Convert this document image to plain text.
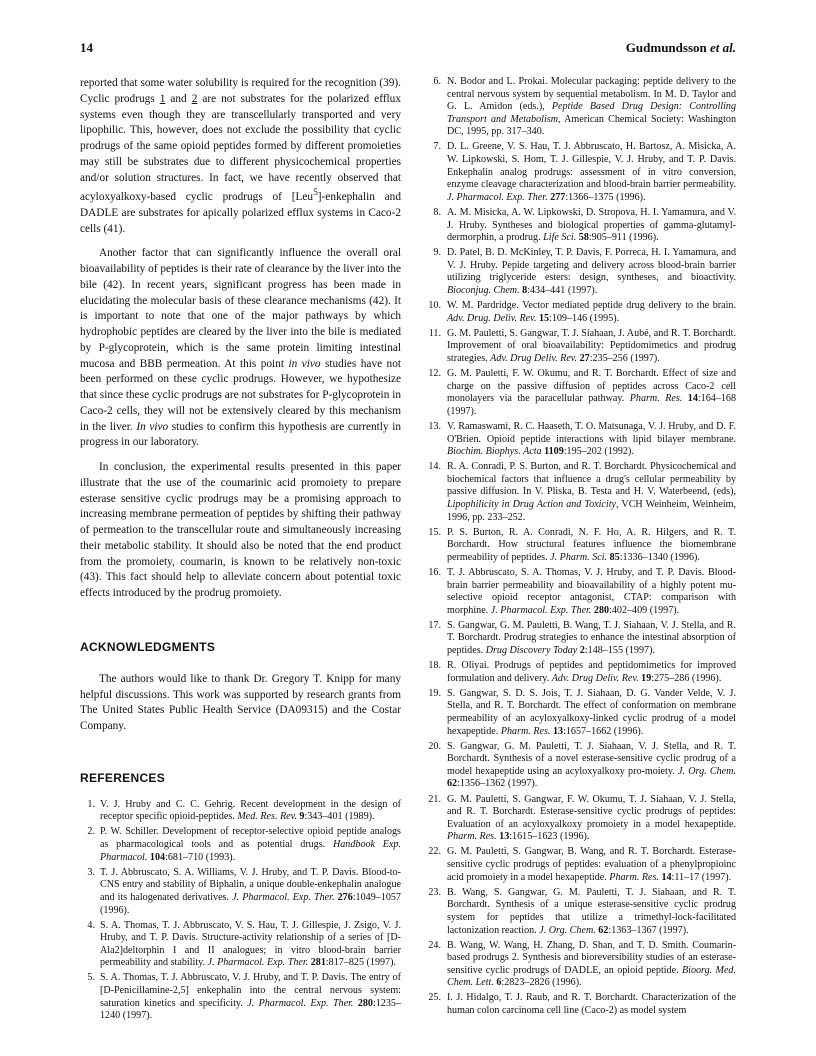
14	Gudmundsson et al.

reported that some water solubility is required for the recognition (39). Cyclic prodrugs 1 and 2 are not substrates for the polarized efflux systems even though they are transcellularly transported and very lipophilic. This, however, does not exclude the possibility that cyclic prodrugs of the same opioid peptides formed by different promoieties may still be substrates due to different physicochemical properties and/or solution structures. In fact, we have recently observed that acyloxyalkoxy-based cyclic prodrugs of [Leu$^5$]-enkephalin and DADLE are substrates for apically polarized efflux systems in Caco-2 cells (41).

Another factor that can significantly influence the overall oral bioavailability of peptides is their rate of clearance by the liver into the bile (42). In recent years, significant progress has been made in elucidating the molecular basis of these clearance mechanisms (42). It is important to note that one of the major pathways by which hydrophobic peptides are cleared by the liver into the bile is mediated by P-glycoprotein, which is the same protein limiting intestinal mucosa and BBB permeation. At this point in vivo studies have not been performed on these cyclic prodrugs. However, we hypothesize that since these cyclic prodrugs are not substrates for P-glycoprotein in Caco-2 cells, they will not be extensively cleared by this mechanism in the liver. In vivo studies to confirm this hypothesis are currently in progress in our laboratory.

In conclusion, the experimental results presented in this paper illustrate that the use of the coumarinic acid promoiety to prepare esterase sensitive cyclic prodrugs may be a promising approach to increasing membrane permeation of peptides by shifting their pathway of permeation to the transcellular route and simultaneously increasing their metabolic stability. It should also be noted that the end product from the promoiety, coumarin, is known to be relatively non-toxic (43). This fact should help to alleviate concern about potential toxic effects introduced by the prodrug promoiety.

ACKNOWLEDGMENTS

The authors would like to thank Dr. Gregory T. Knipp for many helpful discussions. This work was supported by research grants from The United States Public Health Service (DA09315) and the Costar Company.

REFERENCES
1. V. J. Hruby and C. C. Gehrig. Recent development in the design of receptor specific opioid-peptides. Med. Res. Rev. 9:343–401 (1989).
2. P. W. Schiller. Development of receptor-selective opioid peptide analogs as pharmacological tools and as potential drugs. Handbook Exp. Pharmacol. 104:681–710 (1993).
3. T. J. Abbruscato, S. A. Williams, V. J. Hruby, and T. P. Davis. Blood-to-CNS entry and stability of Biphalin, a unique double-enkephalin analogue and its halogenated derivatives. J. Pharmacol. Exp. Ther. 276:1049–1057 (1996).
4. S. A. Thomas, T. J. Abbruscato, V. S. Hau, T. J. Gillespie, J. Zsigo, V. J. Hruby, and T. P. Davis. Structure-activity relationship of a series of [D- Ala2]deltorphin I and II analogues; in vitro blood-brain barrier permeability and stability. J. Pharmacol. Exp. Ther. 281:817–825 (1997).
5. S. A. Thomas, T. J. Abbruscato, V. J. Hruby, and T. P. Davis. The entry of [D-Penicillamine-2,5] enkephalin into the central nervous system: saturation kinetics and specificity. J. Pharmacol. Exp. Ther. 280:1235–1240 (1997).
6. N. Bodor and L. Prokai. Molecular packaging: peptide delivery to the central nervous system by sequential metabolism. In M. D. Taylor and G. L. Amidon (eds.), Peptide Based Drug Design: Controlling Transport and Metabolism, American Chemical Society: Washington DC, 1995, pp. 317–340.
7. D. L. Greene, V. S. Hau, T. J. Abbruscato, H. Bartosz, A. Misicka, A. W. Lipkowski, S. Hom, T. J. Gillespie, V. J. Hruby, and T. P. Davis. Enkephalin analog prodrugs: assessment of in vitro conversion, enzyme cleavage characterization and blood-brain barrier permeability. J. Pharmacol. Exp. Ther. 277:1366–1375 (1996).
8. A. M. Misicka, A. W. Lipkowski, D. Stropova, H. I. Yamamura, and V. J. Hruby. Syntheses and biological properties of gamma-glutamyl-dermorphin, a prodrug. Life Sci. 58:905–911 (1996).
9. D. Patel, B. D. McKinley, T. P. Davis, F. Porreca, H. I. Yamamura, and V. J. Hruby. Pepide targeting and delivery across blood-brain barrier utilizing triglyceride esters: design, syntheses, and bioactivity. Bioconjug. Chem. 8:434–441 (1997).
10. W. M. Pardridge. Vector mediated peptide drug delivery to the brain. Adv. Drug. Deliv. Rev. 15:109–146 (1995).
11. G. M. Pauletti, S. Gangwar, T. J. Siahaan, J. Aubé, and R. T. Borchardt. Improvement of oral bioavailability: Peptidomimetics and prodrug strategies. Adv. Drug Deliv. Rev. 27:235–256 (1997).
12. G. M. Pauletti, F. W. Okumu, and R. T. Borchardt. Effect of size and charge on the passive diffusion of peptides across Caco-2 cell monolayers via the paracellular pathway. Pharm. Res. 14:164–168 (1997).
13. V. Ramaswami, R. C. Haaseth, T. O. Matsunaga, V. J. Hruby, and D. F. O'Brien. Opioid peptide interactions with lipid bilayer membrane. Biochim. Biophys. Acta 1109:195–202 (1992).
14. R. A. Conradi, P. S. Burton, and R. T. Borchardt. Physicochemical and biochemical factors that influence a drug's cellular permeability by passive diffusion. In V. Pliska, B. Testa and H. V. Waterbeend, (eds), Lipophilicity in Drug Action and Toxicity, VCH Weinheim, Weinheim, 1996, pp. 233–252.
15. P. S. Burton, R. A. Conradi, N. F. Ho, A. R. Hilgers, and R. T. Borchardt. How structural features influence the biomembrane permeability of peptides. J. Pharm. Sci. 85:1336–1340 (1996).
16. T. J. Abbruscato, S. A. Thomas, V. J. Hruby, and T. P. Davis. Blood-brain barrier permeability and bioavailability of a highly potent mu-selective opioid receptor antagonist, CTAP: comparison with morphine. J. Pharmacol. Exp. Ther. 280:402–409 (1997).
17. S. Gangwar, G. M. Pauletti, B. Wang, T. J. Siahaan, V. J. Stella, and R. T. Borchardt. Prodrug strategies to enhance the intestinal absorption of peptides. Drug Discovery Today 2:148–155 (1997).
18. R. Oliyai. Prodrugs of peptides and peptidomimetics for improved formulation and delivery. Adv. Drug Deliv. Rev. 19:275–286 (1996).
19. S. Gangwar, S. D. S. Jois, T. J. Siahaan, D. G. Vander Velde, V. J. Stella, and R. T. Borchardt. The effect of conformation on membrane permeability of an acyloxyalkoxy-linked cyclic prodrug of a model hexapeptide. Pharm. Res. 13:1657–1662 (1996).
20. S. Gangwar, G. M. Pauletti, T. J. Siahaan, V. J. Stella, and R. T. Borchardt. Synthesis of a novel esterase-sensitive cyclic prodrug of a model hexapeptide using an acyloxyalkoxy pro-moiety. J. Org. Chem. 62:1356–1362 (1997).
21. G. M. Pauletti, S. Gangwar, F. W. Okumu, T. J. Siahaan, V. J. Stella, and R. T. Borchardt. Esterase-sensitive cyclic prodrugs of peptides: Evaluation of an acyloxyalkoxy promoiety in a model hexapeptide. Pharm. Res. 13:1615–1623 (1996).
22. G. M. Pauletti, S. Gangwar, B. Wang, and R. T. Borchardt. Esterase-sensitive cyclic prodrugs of peptides: evaluation of a phenylpropioinc acid promoiety in a model hexapeptide. Pharm. Res. 14:11–17 (1997).
23. B. Wang, S. Gangwar, G. M. Pauletti, T. J. Siahaan, and R. T. Borchardt. Synthesis of a unique esterase-sensitive cyclic prodrug system for peptides that utilize a trimethyl-lock-facilitated lactonization reaction. J. Org. Chem. 62:1363–1367 (1997).
24. B. Wang, W. Wang, H. Zhang, D. Shan, and T. D. Smith. Coumarin-based prodrugs 2. Synthesis and bioreversibility studies of an esterase-sensitive cyclic prodrugs of DADLE, an opioid peptide. Bioorg. Med. Chem. Lett. 6:2823–2826 (1996).
25. I. J. Hidalgo, T. J. Raub, and R. T. Borchardt. Characterization of the human colon carcinoma cell line (Caco-2) as model system
